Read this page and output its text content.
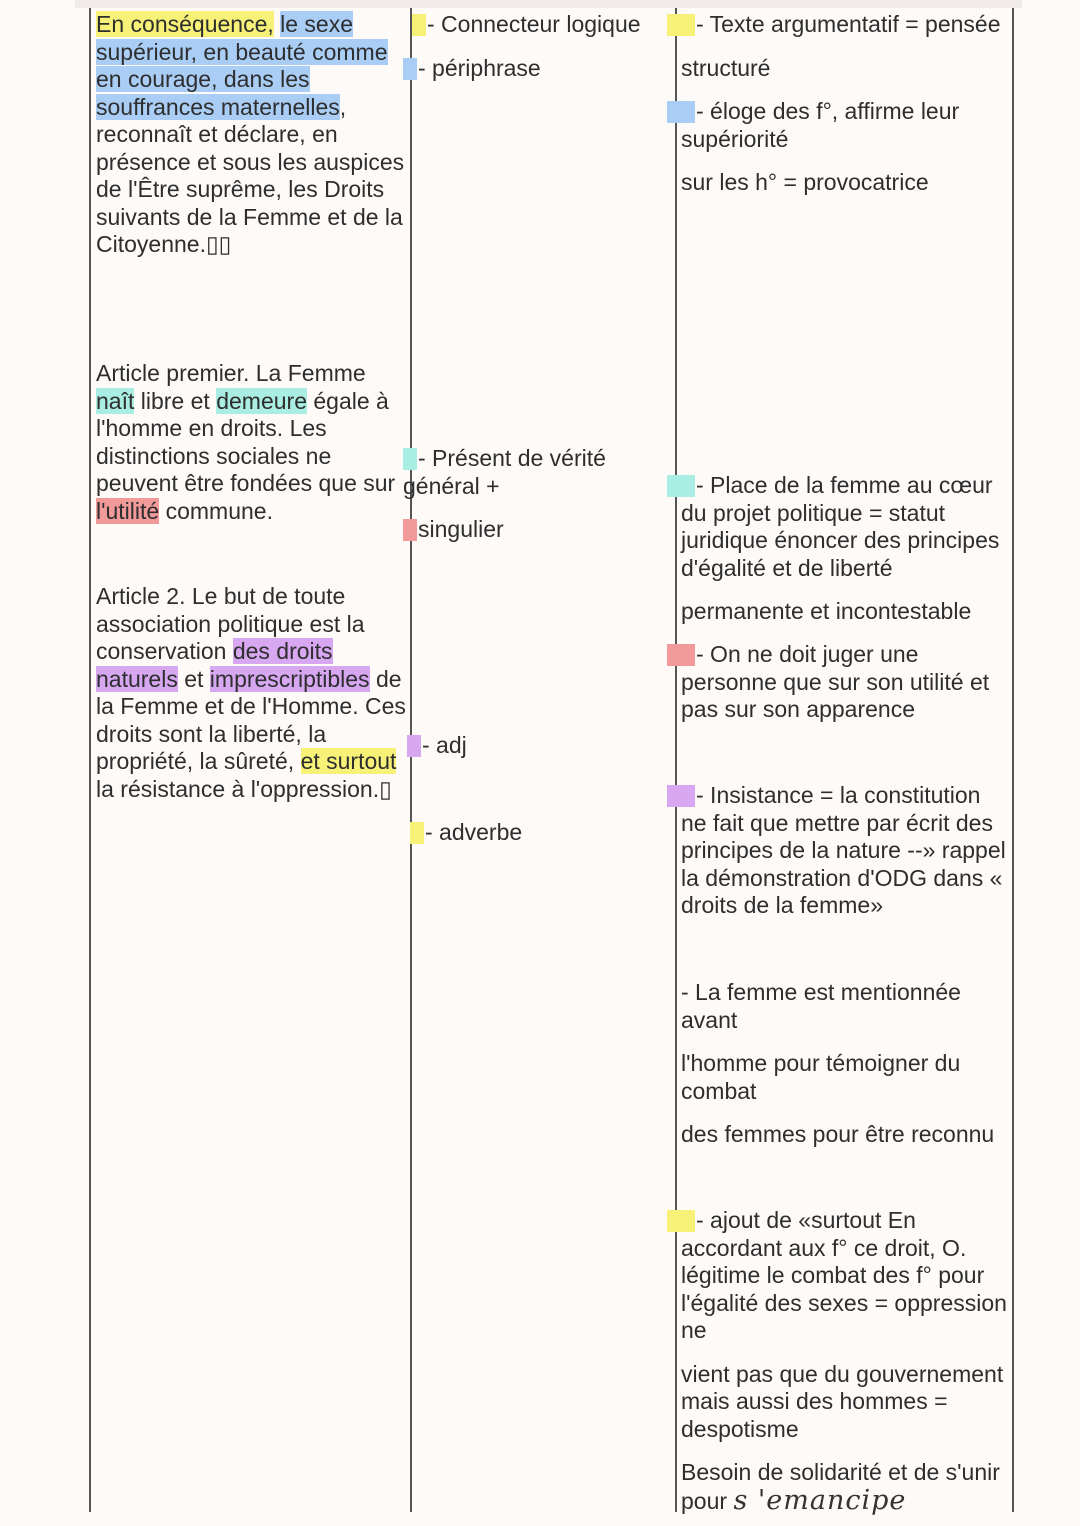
En conséquence, le sexe
supérieur, en beauté comme
en courage, dans les
souffrances maternelles,
reconnaît et déclare, en présence et sous les auspices de l'Être suprême, les Droits suivants de la Femme et de la Citoyenne.▯▯

Article premier. La Femme naît libre et demeure égale à l'homme en droits. Les distinctions sociales ne peuvent être fondées que sur l'utilité commune.

Article 2. Le but de toute association politique est la conservation des droits
naturels et imprescriptibles de la Femme et de l'Homme. Ces droits sont la liberté, la propriété, la sûreté, et surtout la résistance à l'oppression.▯

- Connecteur logique
- périphrase
- Présent de vérité
général +
singulier
- adj
- adverbe

- Texte argumentatif = pensée

structuré

- éloge des f°, affirme leur supériorité

sur les h° = provocatrice

- Place de la femme au cœur du projet politique = statut juridique énoncer des principes d'égalité et de liberté

permanente et incontestable

- On ne doit juger une personne que sur son utilité et pas sur son apparence

- Insistance = la constitution ne fait que mettre par écrit des principes de la nature --» rappel la démonstration d'ODG dans « droits de la femme»

- La femme est mentionnée avant

l'homme pour témoigner du combat

des femmes pour être reconnu

- ajout de «surtout En accordant aux f° ce droit, O. légitime le combat des f° pour l'égalité des sexes = oppression ne

vient pas que du gouvernement mais aussi des hommes = despotisme

Besoin de solidarité et de s'unir pour s 'emancipe
